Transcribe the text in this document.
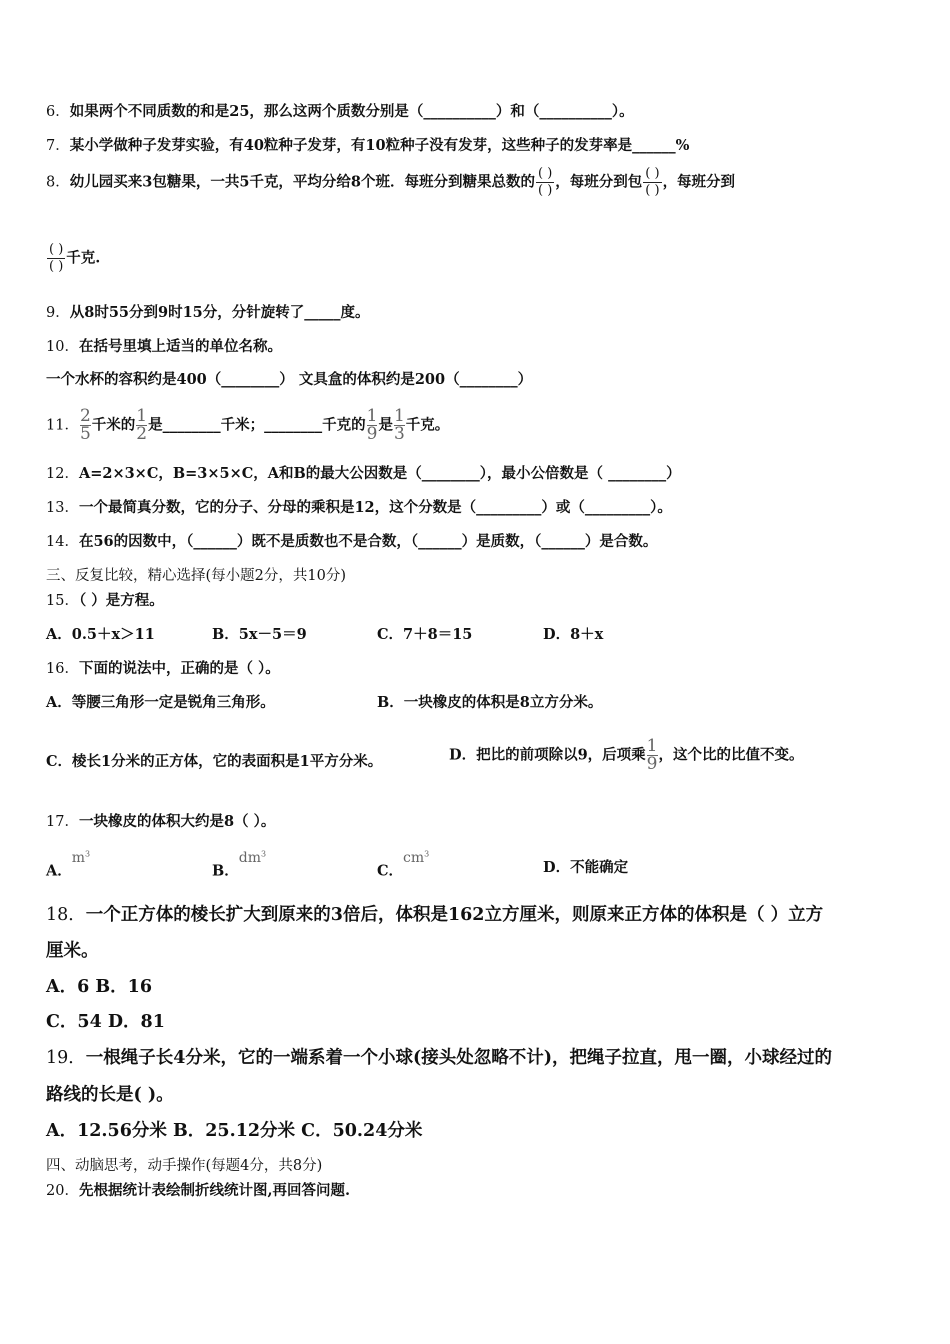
6．如果两个不同质数的和是25，那么这两个质数分别是（__________）和（__________）。
7．某小学做种子发芽实验，有40粒种子发芽，有10粒种子没有发芽，这些种子的发芽率是______%
8．幼儿园买来3包糖果，一共5千克，平均分给8个班．每班分到糖果总数的 $\frac{( )}{( )}$ ，每班分到包 $\frac{( )}{( )}$ ，每班分到
$\frac{( )}{( )}$ 千克.
9．从8时55分到9时15分，分针旋转了_____度。
10．在括号里填上适当的单位名称。
一个水杯的容积约是400（________） 文具盒的体积约是200（________）
11． $\frac{2}{5}$ 千米的 $\frac{1}{2}$ 是________千米；________千克的 $\frac{1}{9}$ 是 $\frac{1}{3}$ 千克。
12．A=2×3×C，B=3×5×C，A和B的最大公因数是（________），最小公倍数是（ ________）
13．一个最简真分数，它的分子、分母的乘积是12，这个分数是（_________）或（_________）。
14．在56的因数中，（______）既不是质数也不是合数，（______）是质数，（______）是合数。
三、反复比较，精心选择(每小题2分，共10分)
15．（ ）是方程。
A．0.5＋x＞11	B．5x－5＝9	C．7＋8＝15	D．8＋x
16．下面的说法中，正确的是（ ）。
A．等腰三角形一定是锐角三角形。	B．一块橡皮的体积是8立方分米。
C．棱长1分米的正方体，它的表面积是1平方分米。	D．把比的前项除以9，后项乘 $\frac{1}{9}$ ，这个比的比值不变。
17．一块橡皮的体积大约是8（ ）。
A．$m^3$
B．$dm^3$
C．$cm^3$
D．不能确定
18．一个正方体的棱长扩大到原来的3倍后，体积是162立方厘米，则原来正方体的体积是（ ）立方
厘米。
A．6 B．16
C．54 D．81
19．一根绳子长4分米，它的一端系着一个小球(接头处忽略不计)，把绳子拉直，甩一圈，小球经过的
路线的长是( )。
A．12.56分米 B．25.12分米 C．50.24分米
四、动脑思考，动手操作(每题4分，共8分)
20．先根据统计表绘制折线统计图,再回答问题.
